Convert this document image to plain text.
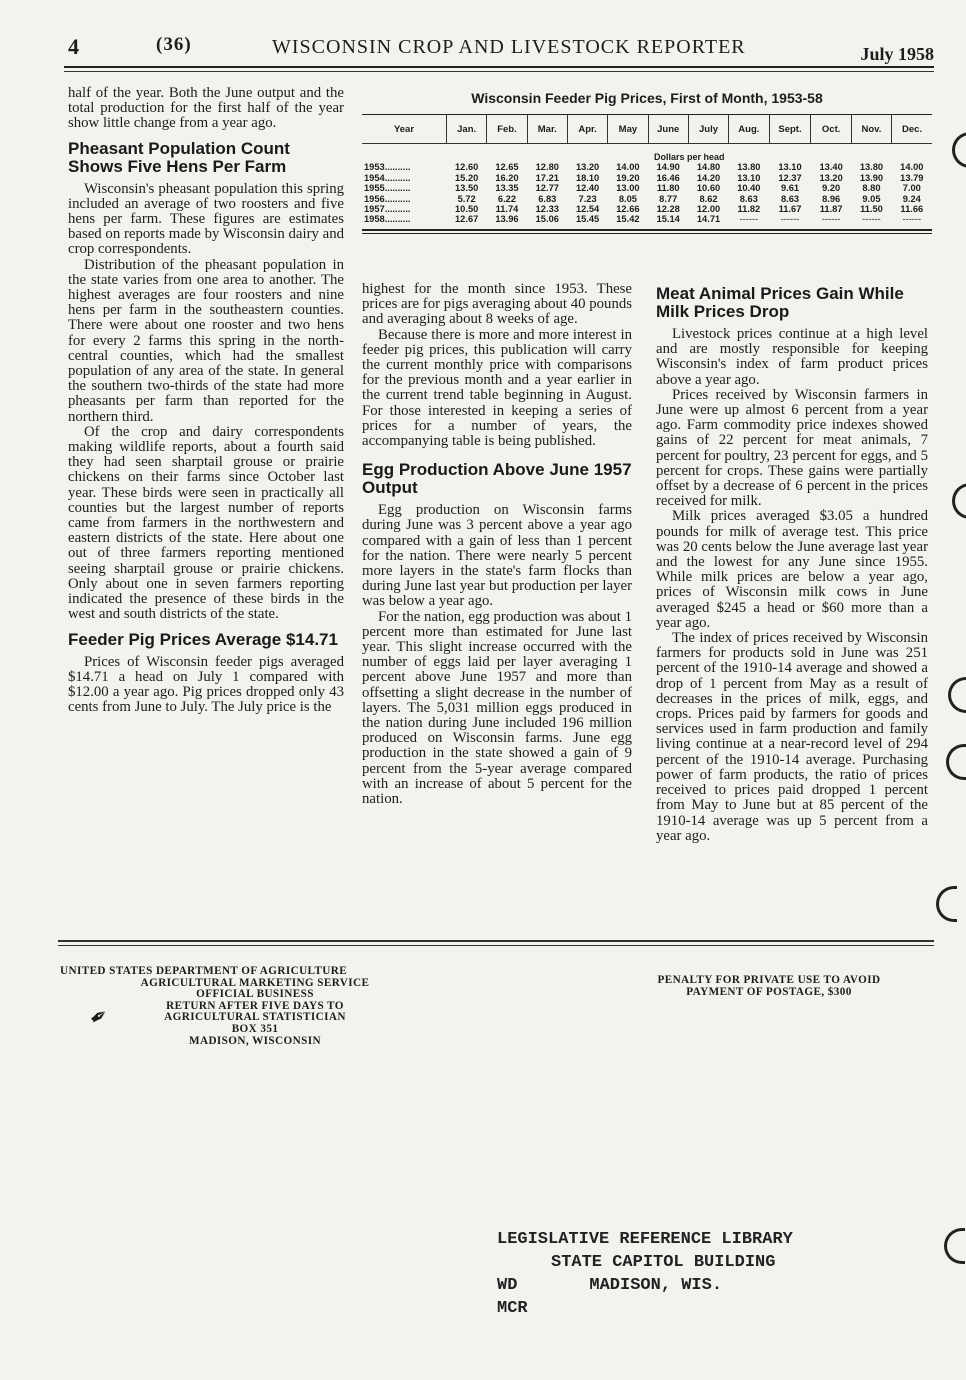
4	(36)	WISCONSIN CROP AND LIVESTOCK REPORTER	July 1958

half of the year. Both the June output and the total production for the first half of the year show little change from a year ago.

Pheasant Population Count Shows Five Hens Per Farm

Wisconsin's pheasant population this spring included an average of two roosters and five hens per farm. These figures are estimates based on reports made by Wisconsin dairy and crop correspondents.

Distribution of the pheasant population in the state varies from one area to another. The highest averages are four roosters and nine hens per farm in the southeastern counties. There were about one rooster and two hens for every 2 farms this spring in the north-central counties, which had the smallest population of any area of the state. In general the southern two-thirds of the state had more pheasants per farm than reported for the northern third.

Of the crop and dairy correspondents making wildlife reports, about a fourth said they had seen sharptail grouse or prairie chickens on their farms since October last year. These birds were seen in practically all counties but the largest number of reports came from farmers in the northwestern and eastern districts of the state. Here about one out of three farmers reporting mentioned seeing sharptail grouse or prairie chickens. Only about one in seven farmers reporting indicated the presence of these birds in the west and south districts of the state.

Feeder Pig Prices Average $14.71

Prices of Wisconsin feeder pigs averaged $14.71 a head on July 1 compared with $12.00 a year ago. Pig prices dropped only 43 cents from June to July. The July price is the

Wisconsin Feeder Pig Prices, First of Month, 1953-58
Year	Jan.	Feb.	Mar.	Apr.	May	June	July	Aug.	Sept.	Oct.	Nov.	Dec.
	Dollars per head											
1953..........	12.60	12.65	12.80	13.20	14.00	14.90	14.80	13.80	13.10	13.40	13.80	14.00
1954..........	15.20	16.20	17.21	18.10	19.20	16.46	14.20	13.10	12.37	13.20	13.90	13.79
1955..........	13.50	13.35	12.77	12.40	13.00	11.80	10.60	10.40	9.61	9.20	8.80	7.00
1956..........	5.72	6.22	6.83	7.23	8.05	8.77	8.62	8.63	8.63	8.96	9.05	9.24
1957..........	10.50	11.74	12.33	12.54	12.66	12.28	12.00	11.82	11.67	11.87	11.50	11.66
1958..........	12.67	13.96	15.06	15.45	15.42	15.14	14.71	------	------	------	------	------

highest for the month since 1953. These prices are for pigs averaging about 40 pounds and averaging about 8 weeks of age.

Because there is more and more interest in feeder pig prices, this publication will carry the current monthly price with comparisons for the previous month and a year earlier in the current trend table beginning in August. For those interested in keeping a series of prices for a number of years, the accompanying table is being published.

Egg Production Above June 1957 Output

Egg production on Wisconsin farms during June was 3 percent above a year ago compared with a gain of less than 1 percent for the nation. There were nearly 5 percent more layers in the state's farm flocks than during June last year but production per layer was below a year ago.

For the nation, egg production was about 1 percent more than estimated for June last year. This slight increase occurred with the number of eggs laid per layer averaging 1 percent above June 1957 and more than offsetting a slight decrease in the number of layers. The 5,031 million eggs produced in the nation during June included 196 million produced on Wisconsin farms. June egg production in the state showed a gain of 9 percent from the 5-year average compared with an increase of about 5 percent for the nation.

Meat Animal Prices Gain While Milk Prices Drop

Livestock prices continue at a high level and are mostly responsible for keeping Wisconsin's index of farm product prices above a year ago.

Prices received by Wisconsin farmers in June were up almost 6 percent from a year ago. Farm commodity price indexes showed gains of 22 percent for meat animals, 7 percent for poultry, 23 percent for eggs, and 5 percent for crops. These gains were partially offset by a decrease of 6 percent in the prices received for milk.

Milk prices averaged $3.05 a hundred pounds for milk of average test. This price was 20 cents below the June average last year and the lowest for any June since 1955. While milk prices are below a year ago, prices of Wisconsin milk cows in June averaged $245 a head or $60 more than a year ago.

The index of prices received by Wisconsin farmers for products sold in June was 251 percent of the 1910-14 average and showed a drop of 1 percent from May as a result of decreases in the prices of milk, eggs, and crops. Prices paid by farmers for goods and services used in farm production and family living continue at a near-record level of 294 percent of the 1910-14 average. Purchasing power of farm products, the ratio of prices received to prices paid dropped 1 percent from May to June but at 85 percent of the 1910-14 average was up 5 percent from a year ago.

UNITED STATES DEPARTMENT OF AGRICULTURE
AGRICULTURAL MARKETING SERVICE
OFFICIAL BUSINESS
RETURN AFTER FIVE DAYS TO
AGRICULTURAL STATISTICIAN
BOX 351
MADISON, WISCONSIN
✒
PENALTY FOR PRIVATE USE TO AVOID
PAYMENT OF POSTAGE, $300
LEGISLATIVE REFERENCE LIBRARY
STATE CAPITOL BUILDING
WD	MADISON, WIS.
MCR
